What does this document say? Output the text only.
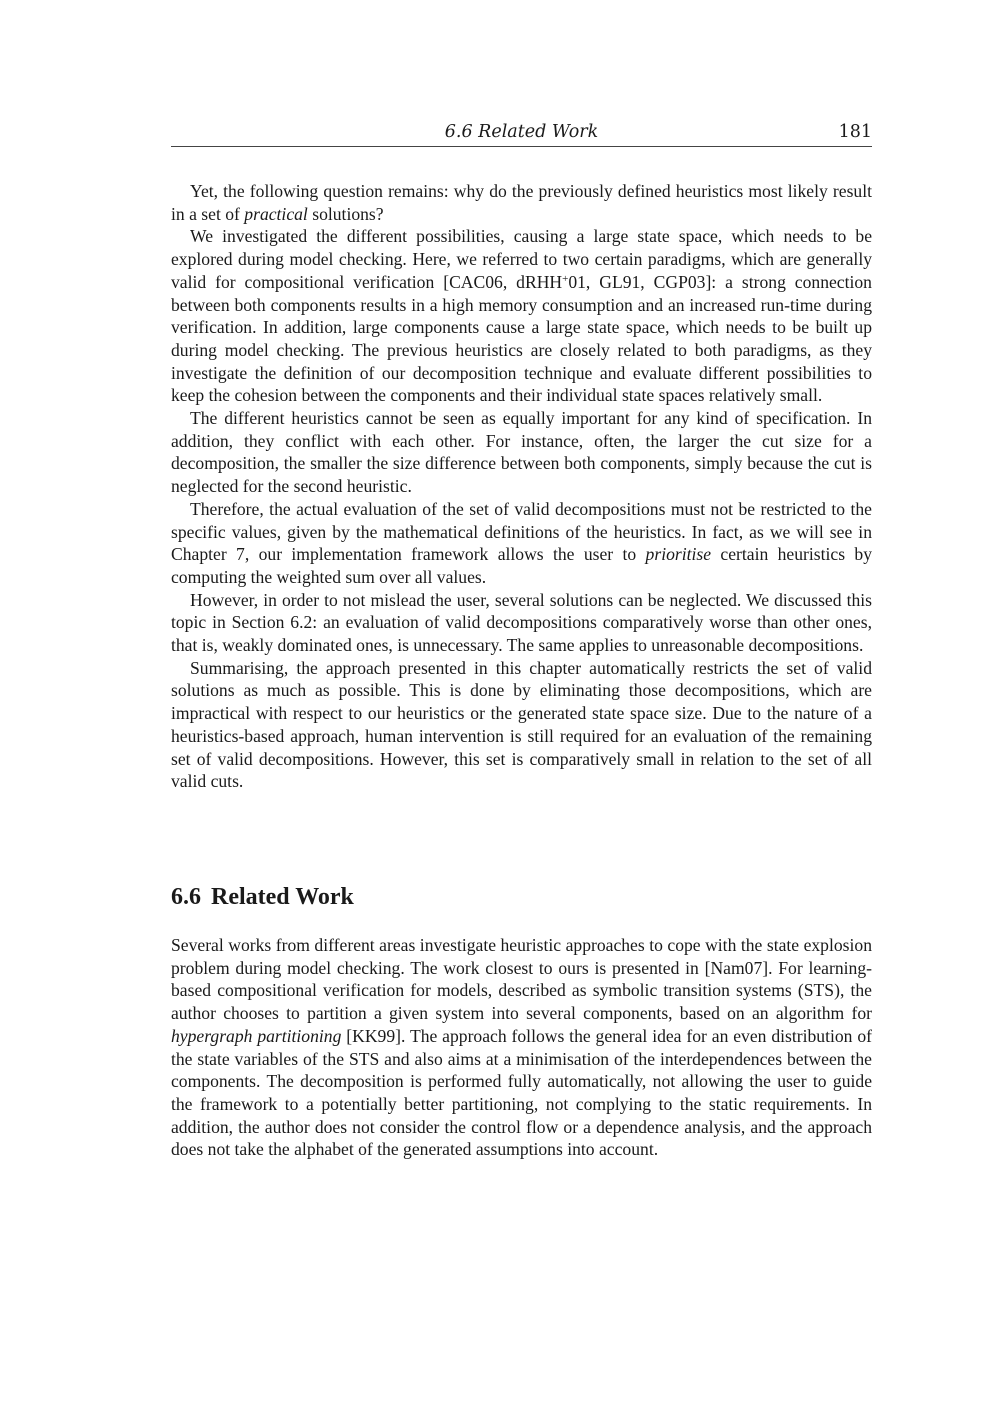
6.6 Related Work	181

Yet, the following question remains: why do the previously defined heuristics most likely result in a set of practical solutions?

We investigated the different possibilities, causing a large state space, which needs to be explored during model checking. Here, we referred to two certain paradigms, which are generally valid for compositional verification [CAC06, dRHH+01, GL91, CGP03]: a strong connection between both components results in a high memory consumption and an increased run-time during verification. In addition, large components cause a large state space, which needs to be built up during model checking. The previous heuristics are closely related to both paradigms, as they investigate the definition of our decomposition technique and evaluate different possibilities to keep the cohesion between the components and their individual state spaces relatively small.

The different heuristics cannot be seen as equally important for any kind of specification. In addition, they conflict with each other. For instance, often, the larger the cut size for a decomposition, the smaller the size difference between both components, simply because the cut is neglected for the second heuristic.

Therefore, the actual evaluation of the set of valid decompositions must not be restricted to the specific values, given by the mathematical definitions of the heuristics. In fact, as we will see in Chapter 7, our implementation framework allows the user to prioritise certain heuristics by computing the weighted sum over all values.

However, in order to not mislead the user, several solutions can be neglected. We discussed this topic in Section 6.2: an evaluation of valid decompositions comparatively worse than other ones, that is, weakly dominated ones, is unnecessary. The same applies to unreasonable decompositions.

Summarising, the approach presented in this chapter automatically restricts the set of valid solutions as much as possible. This is done by eliminating those decompositions, which are impractical with respect to our heuristics or the generated state space size. Due to the nature of a heuristics-based approach, human intervention is still required for an evaluation of the remaining set of valid decompositions. However, this set is comparatively small in relation to the set of all valid cuts.

6.6 Related Work

Several works from different areas investigate heuristic approaches to cope with the state explosion problem during model checking. The work closest to ours is presented in [Nam07]. For learning-based compositional verification for models, described as symbolic transition systems (STS), the author chooses to partition a given system into several components, based on an algorithm for hypergraph partitioning [KK99]. The approach follows the general idea for an even distribution of the state variables of the STS and also aims at a minimisation of the interdependences between the components. The decomposition is performed fully automatically, not allowing the user to guide the framework to a potentially better partitioning, not complying to the static requirements. In addition, the author does not consider the control flow or a dependence analysis, and the approach does not take the alphabet of the generated assumptions into account.
